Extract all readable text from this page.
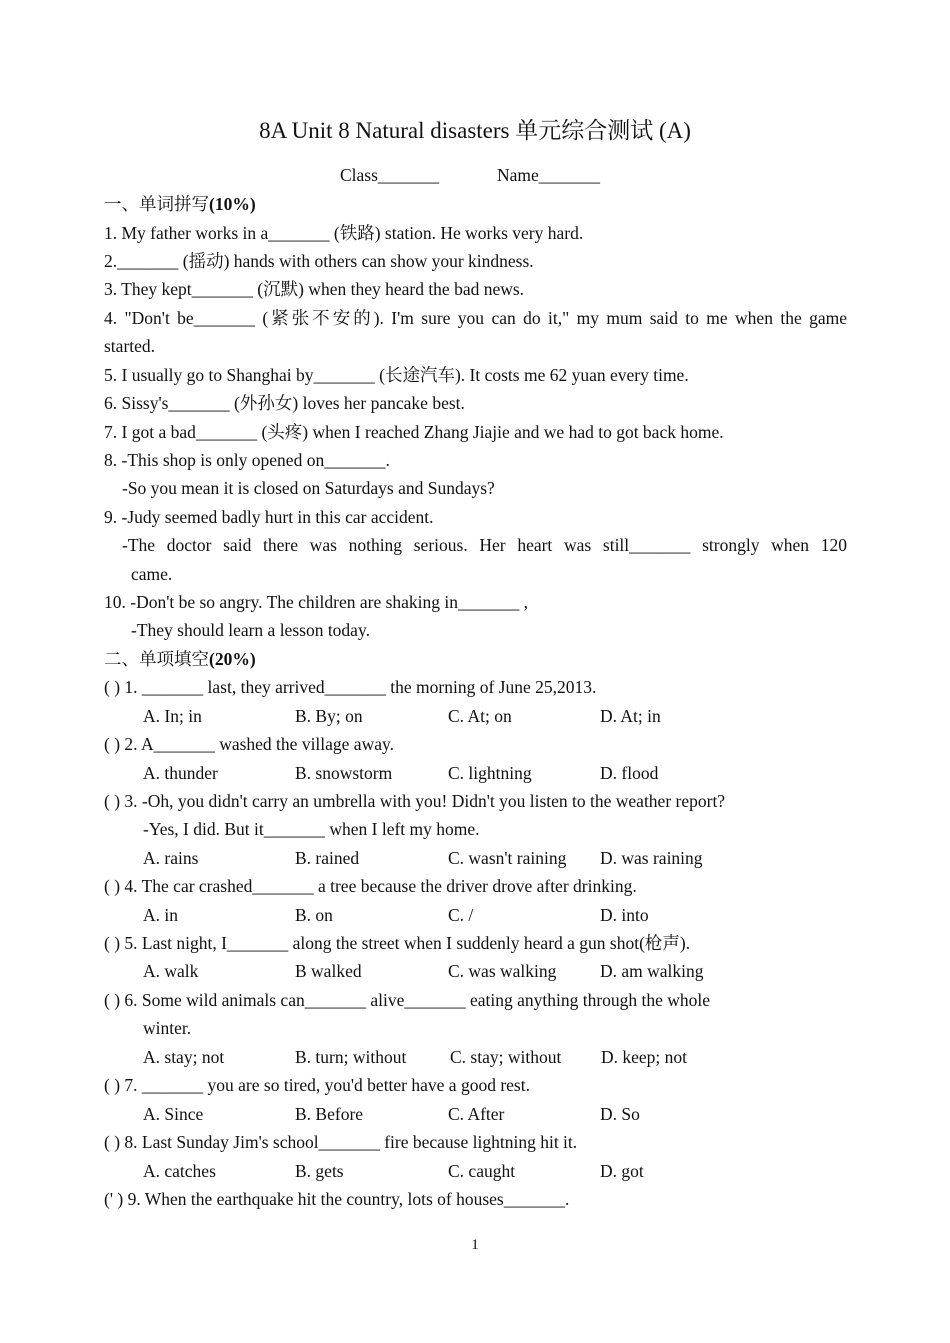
8A Unit 8 Natural disasters 单元综合测试 (A)
Class_______	Name_______
一、单词拼写(10%)
1. My father works in a_______ (铁路) station. He works very hard.
2._______ (摇动) hands with others can show your kindness.
3. They kept_______ (沉默) when they heard the bad news.
4. "Don't be_______ (紧张不安的). I'm sure you can do it," my mum said to me when the game
started.
5. I usually go to Shanghai by_______ (长途汽车). It costs me 62 yuan every time.
6. Sissy's_______ (外孙女) loves her pancake best.
7. I got a bad_______ (头疼) when I reached Zhang Jiajie and we had to got back home.
8. -This shop is only opened on_______.
-So you mean it is closed on Saturdays and Sundays?
9. -Judy seemed badly hurt in this car accident.
-The doctor said there was nothing serious. Her heart was still_______ strongly when 120
came.
10. -Don't be so angry. The children are shaking in_______ ,
-They should learn a lesson today.
二、单项填空(20%)
( ) 1. _______ last, they arrived_______ the morning of June 25,2013.
A. In; in	B. By; on	C. At; on	D. At; in
( ) 2. A_______ washed the village away.
A. thunder	B. snowstorm	C. lightning	D. flood
( ) 3. -Oh, you didn't carry an umbrella with you! Didn't you listen to the weather report?
-Yes, I did. But it_______ when I left my home.
A. rains	B. rained	C. wasn't raining D. was raining
( ) 4. The car crashed_______ a tree because the driver drove after drinking.
A. in	B. on	C. /	D. into
( ) 5. Last night, I_______ along the street when I suddenly heard a gun shot(枪声).
A. walk	B walked	C. was walking D. am walking
( ) 6. Some wild animals can_______ alive_______ eating anything through the whole
winter.
A. stay; not	B. turn; without C. stay; without D. keep; not
( ) 7. _______ you are so tired, you'd better have a good rest.
A. Since	B. Before	C. After	D. So
( ) 8. Last Sunday Jim's school_______ fire because lightning hit it.
A. catches	B. gets	C. caught	D. got
(' ) 9. When the earthquake hit the country, lots of houses_______.
1
